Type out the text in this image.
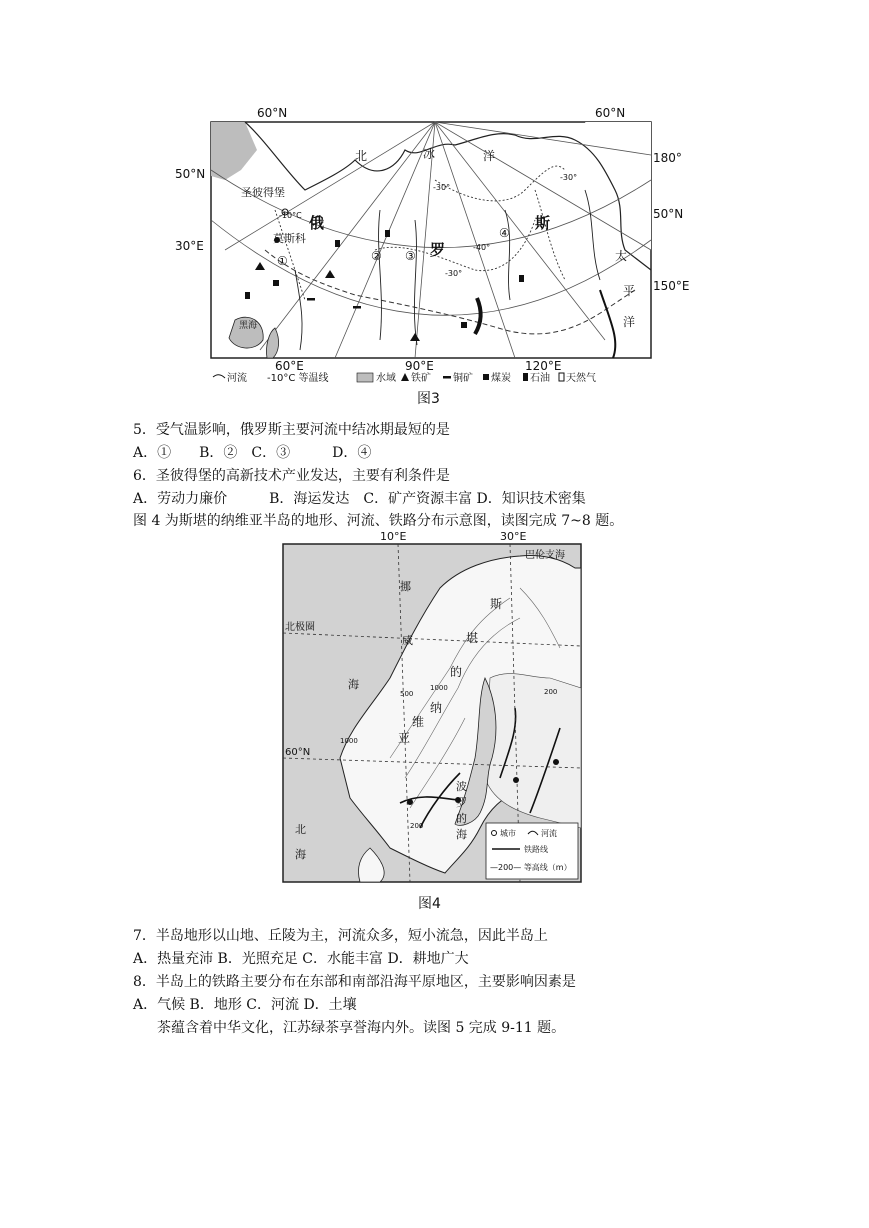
①	② ③
④
北	冰	洋
俄
罗
斯
太
平
洋
圣彼得堡
莫斯科
黑海
-10°C
-30°
-40°
-30°
-30°
60°N	60°N
50°N
50°N
180°
30°E
150°E
60°E	90°E	120°E
河流 -10°C 等温线	水域 铁矿 铜矿 煤炭 石油 天然气
图3
5．受气温影响，俄罗斯主要河流中结冰期最短的是
A．①　　B．②　C．③　　　D．④
6．圣彼得堡的高新技术产业发达，主要有利条件是
A．劳动力廉价　　　B．海运发达　C．矿产资源丰富 D．知识技术密集
图 4 为斯堪的纳维亚半岛的地形、河流、铁路分布示意图，读图完成 7~8 题。
10°E	30°E
北极圈
60°N
巴伦支海
挪
威
海
斯
堪
的
纳
维
亚
北
海
波
罗
的
海
1000
500	200
1000
200
城市	河流
铁路线
—200— 等高线（m）
图4
7．半岛地形以山地、丘陵为主，河流众多，短小流急，因此半岛上
A．热量充沛 B．光照充足 C．水能丰富 D．耕地广大
8．半岛上的铁路主要分布在东部和南部沿海平原地区，主要影响因素是
A．气候 B．地形 C．河流 D．土壤
茶蕴含着中华文化，江苏绿茶享誉海内外。读图 5 完成 9-11 题。
